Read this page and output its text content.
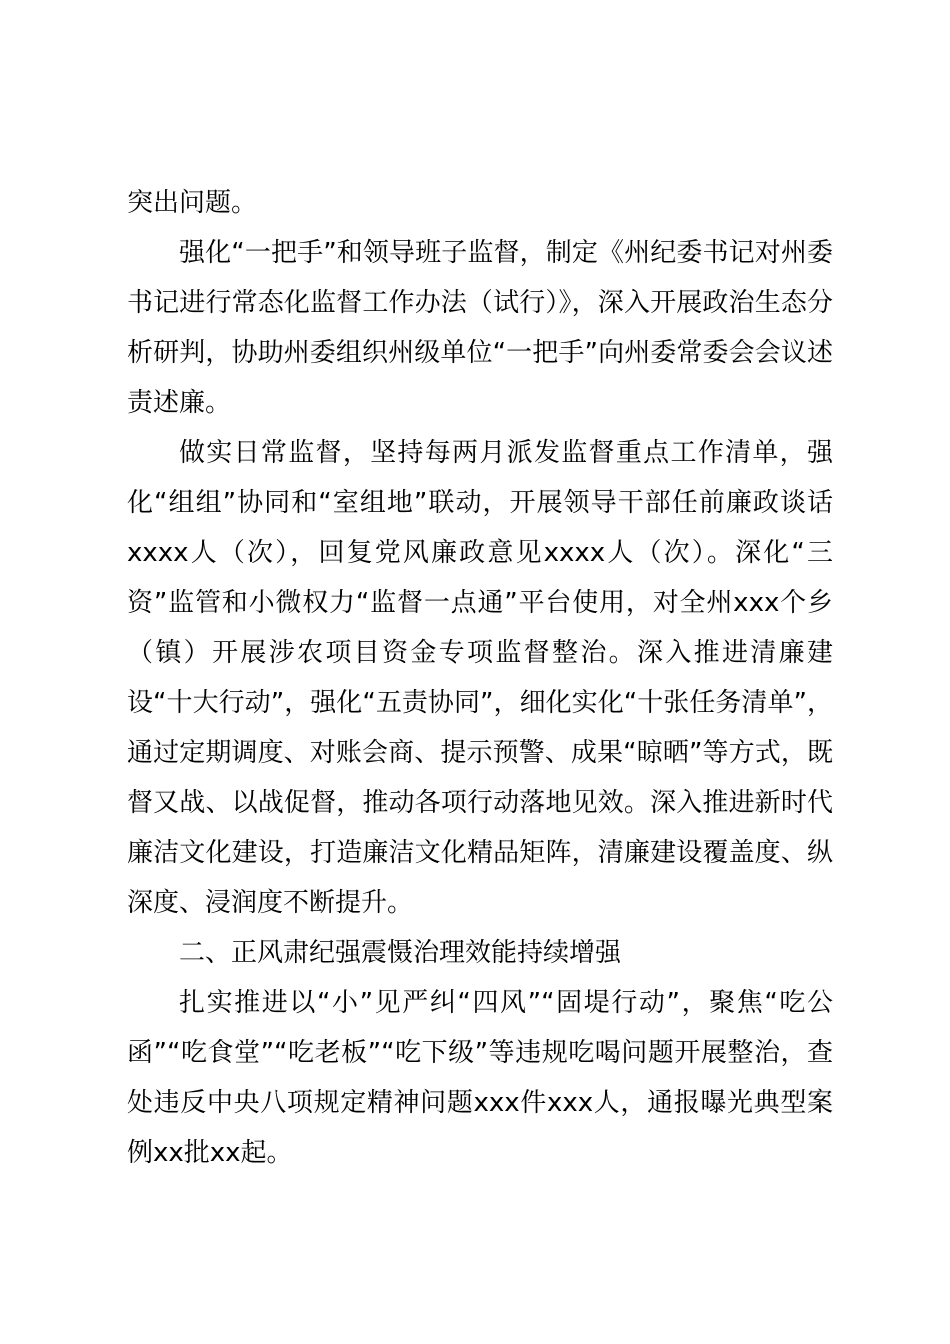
突出问题。

强化“一把手”和领导班子监督，制定《州纪委书记对州委书记进行常态化监督工作办法（试行）》，深入开展政治生态分析研判，协助州委组织州级单位“一把手”向州委常委会会议述责述廉。

做实日常监督，坚持每两月派发监督重点工作清单，强化“组组”协同和“室组地”联动，开展领导干部任前廉政谈话xxxx人（次），回复党风廉政意见xxxx人（次）。深化“三资”监管和小微权力“监督一点通”平台使用，对全州xxx个乡（镇）开展涉农项目资金专项监督整治。深入推进清廉建设“十大行动”，强化“五责协同”，细化实化“十张任务清单”，通过定期调度、对账会商、提示预警、成果“晾晒”等方式，既督又战、以战促督，推动各项行动落地见效。深入推进新时代廉洁文化建设，打造廉洁文化精品矩阵，清廉建设覆盖度、纵深度、浸润度不断提升。

二、正风肃纪强震慑治理效能持续增强

扎实推进以“小”见严纠“四风”“固堤行动”，聚焦“吃公函”“吃食堂”“吃老板”“吃下级”等违规吃喝问题开展整治，查处违反中央八项规定精神问题xxx件xxx人，通报曝光典型案例xx批xx起。
